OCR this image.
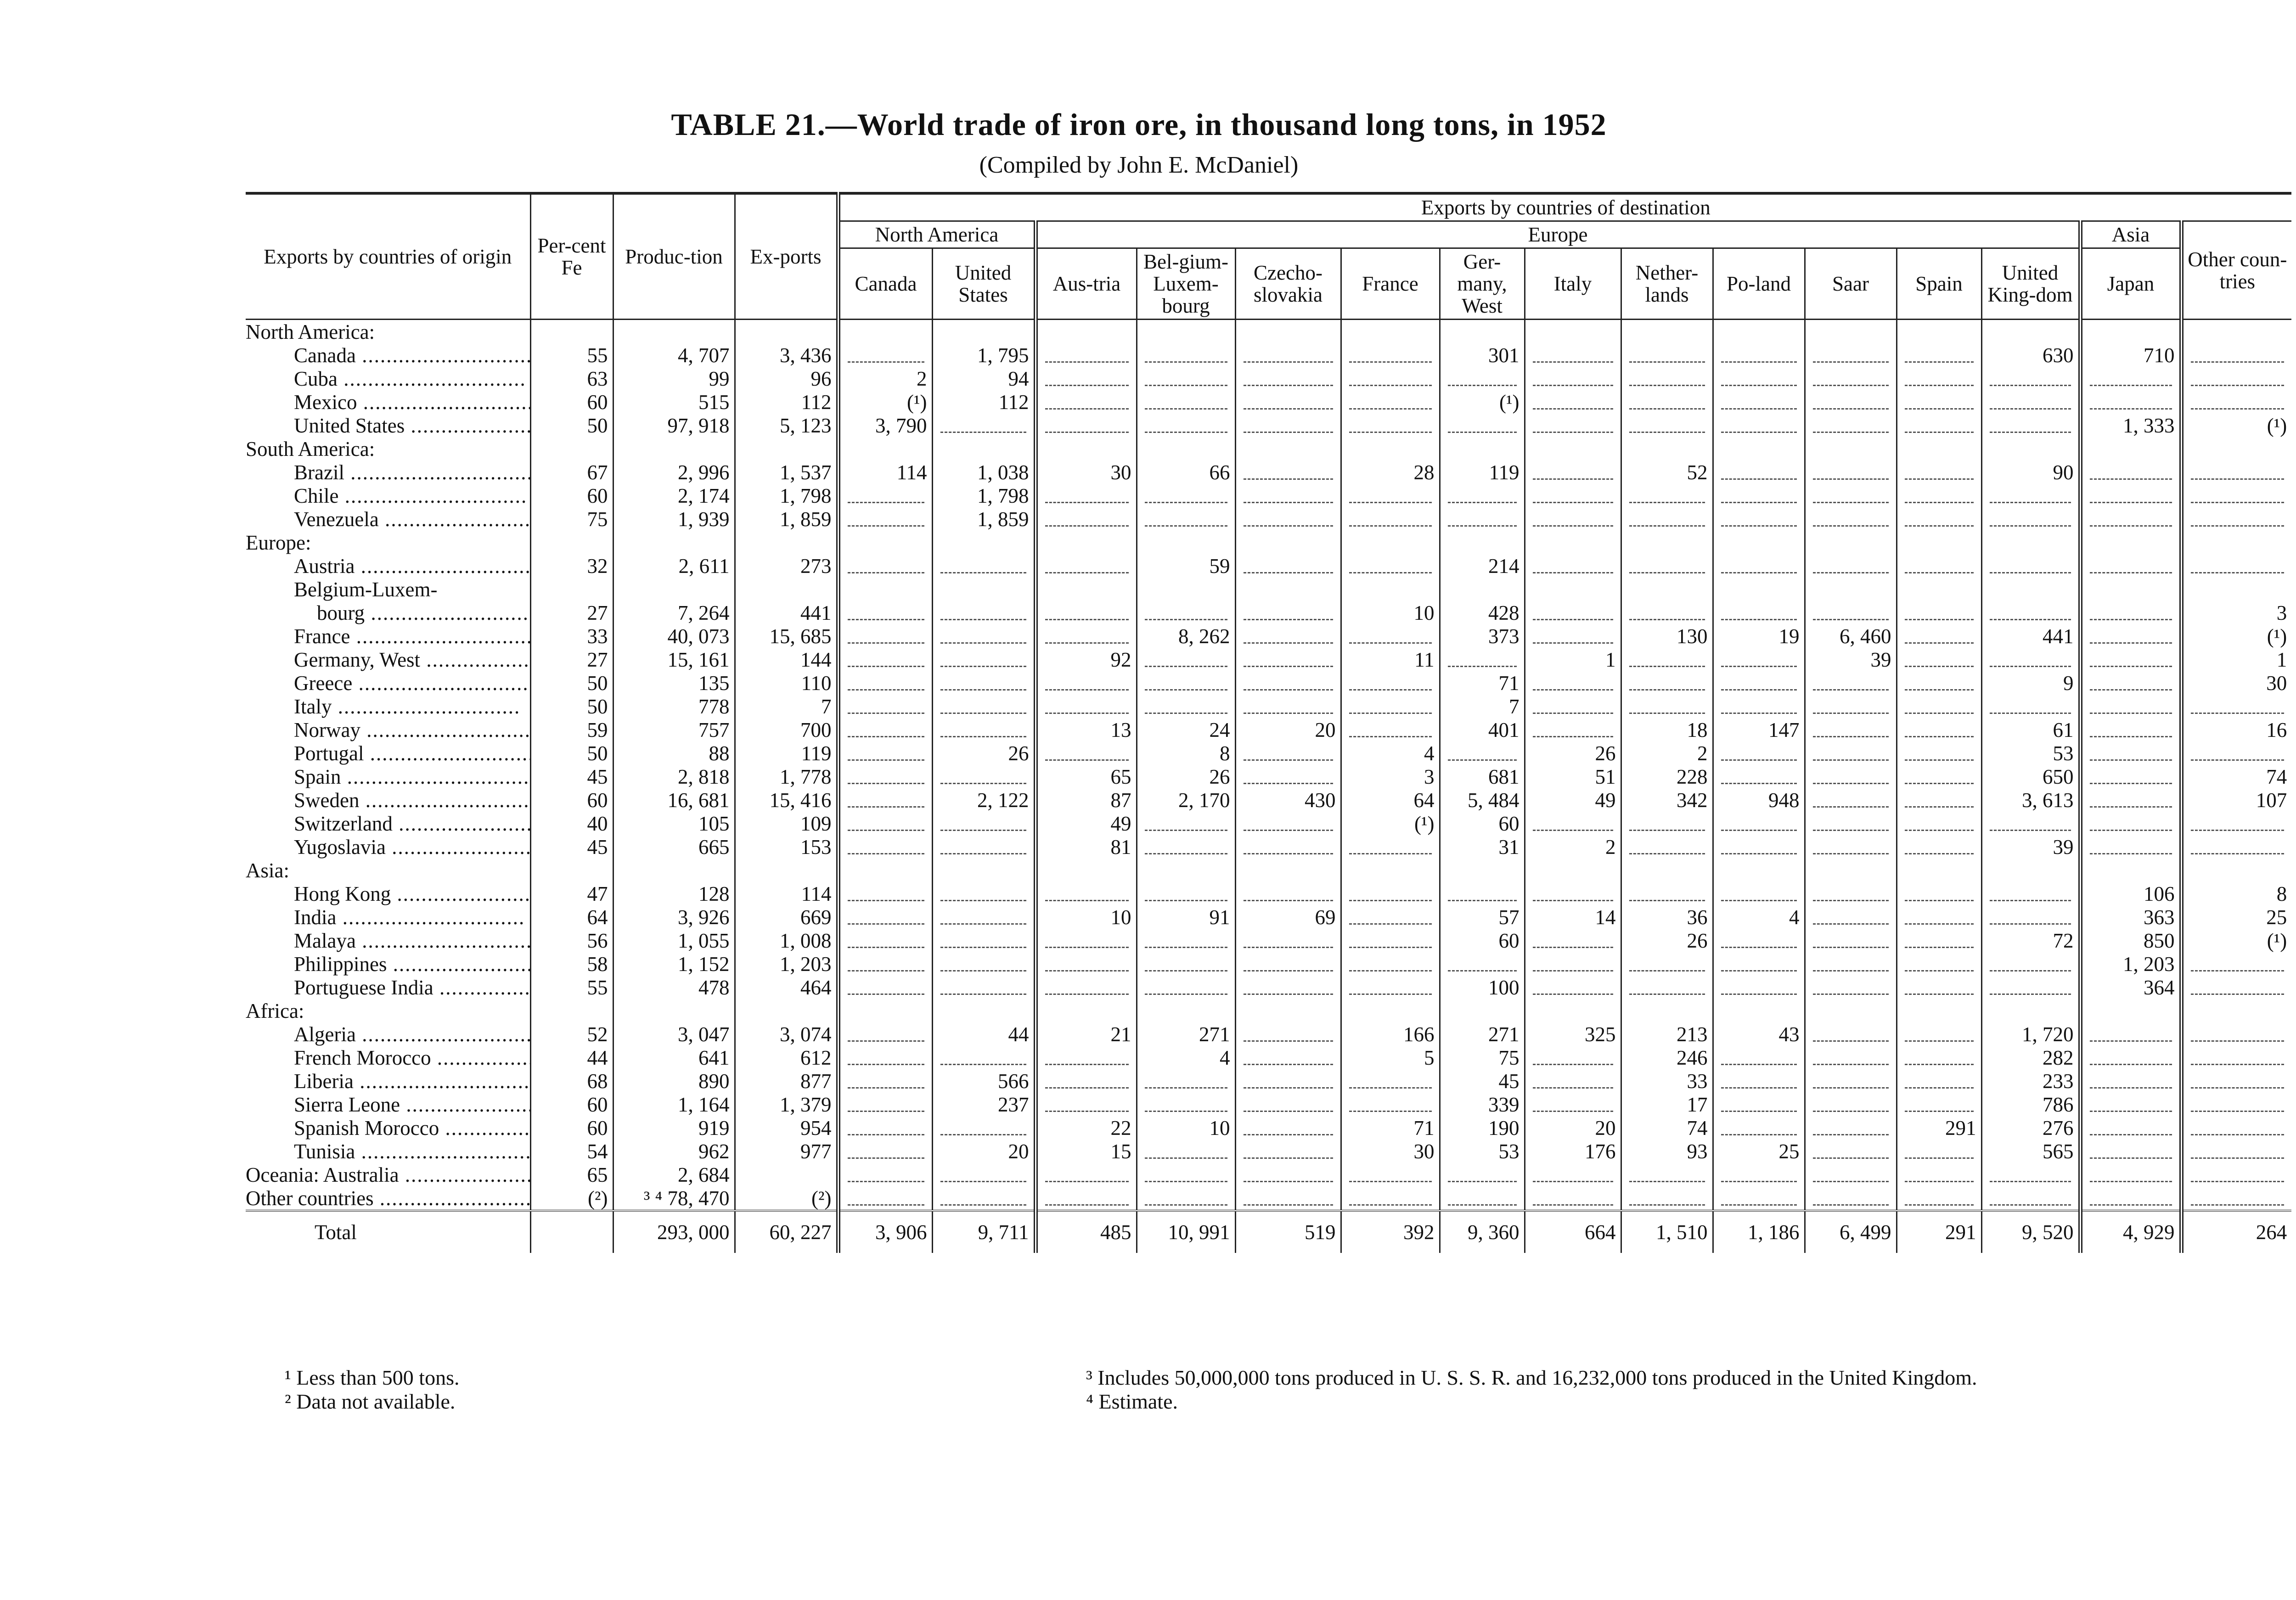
TABLE 21.—World trade of iron ore, in thousand long tons, in 1952
(Compiled by John E. McDaniel)
Exports by countries of origin	Per-cent Fe	Produc-tion	Ex-ports	Exports by countries of destination														
				North America		Europe											Asia	Other coun-tries
				Canada	United States	Aus-tria	Bel-gium-Luxem-bourg	Czecho-slovakia	France	Ger-many, West	Italy	Nether-lands	Po-land	Saar	Spain	United King-dom	Japan	
North America:																		
Canada .....	55	4, 707	3, 436		1, 795					301						630	710	
Cuba .....	63	99	96	2	94													
Mexico .....	60	515	112	(¹)	112					(¹)								
United States .....	50	97, 918	5, 123	3, 790													1, 333	(¹)
South America:																		
Brazil .....	67	2, 996	1, 537	114	1, 038	30	66		28	119		52				90		
Chile .....	60	2, 174	1, 798		1, 798													
Venezuela .....	75	1, 939	1, 859		1, 859													
Europe:																		
Austria .....	32	2, 611	273				59			214								
Belgium-Luxem-																		
bourg .....	27	7, 264	441						10	428								3
France .....	33	40, 073	15, 685				8, 262			373		130	19	6, 460		441		(¹)
Germany, West .....	27	15, 161	144			92			11		1			39				1
Greece .....	50	135	110							71						9		30
Italy .....	50	778	7							7								
Norway .....	59	757	700			13	24	20		401		18	147			61		16
Portugal .....	50	88	119		26		8		4		26	2				53		
Spain .....	45	2, 818	1, 778			65	26		3	681	51	228				650		74
Sweden .....	60	16, 681	15, 416		2, 122	87	2, 170	430	64	5, 484	49	342	948			3, 613		107
Switzerland .....	40	105	109			49			(¹)	60								
Yugoslavia .....	45	665	153			81				31	2					39		
Asia:																		
Hong Kong .....	47	128	114														106	8
India .....	64	3, 926	669			10	91	69		57	14	36	4				363	25
Malaya .....	56	1, 055	1, 008							60		26				72	850	(¹)
Philippines .....	58	1, 152	1, 203														1, 203	
Portuguese India .....	55	478	464							100							364	
Africa:																		
Algeria .....	52	3, 047	3, 074		44	21	271		166	271	325	213	43			1, 720		
French Morocco .....	44	641	612				4		5	75		246				282		
Liberia .....	68	890	877		566					45		33				233		
Sierra Leone .....	60	1, 164	1, 379		237					339		17				786		
Spanish Morocco .....	60	919	954			22	10		71	190	20	74			291	276		
Tunisia .....	54	962	977		20	15			30	53	176	93	25			565		
Oceania: Australia .....	65	2, 684																
Other countries .....	(²)	³ ⁴ 78, 470	(²)															
Total		293, 000	60, 227	3, 906	9, 711	485	10, 991	519	392	9, 360	664	1, 510	1, 186	6, 499	291	9, 520	4, 929	264
¹ Less than 500 tons.
² Data not available.
³ Includes 50,000,000 tons produced in U. S. S. R. and 16,232,000 tons produced in the United Kingdom.
⁴ Estimate.
